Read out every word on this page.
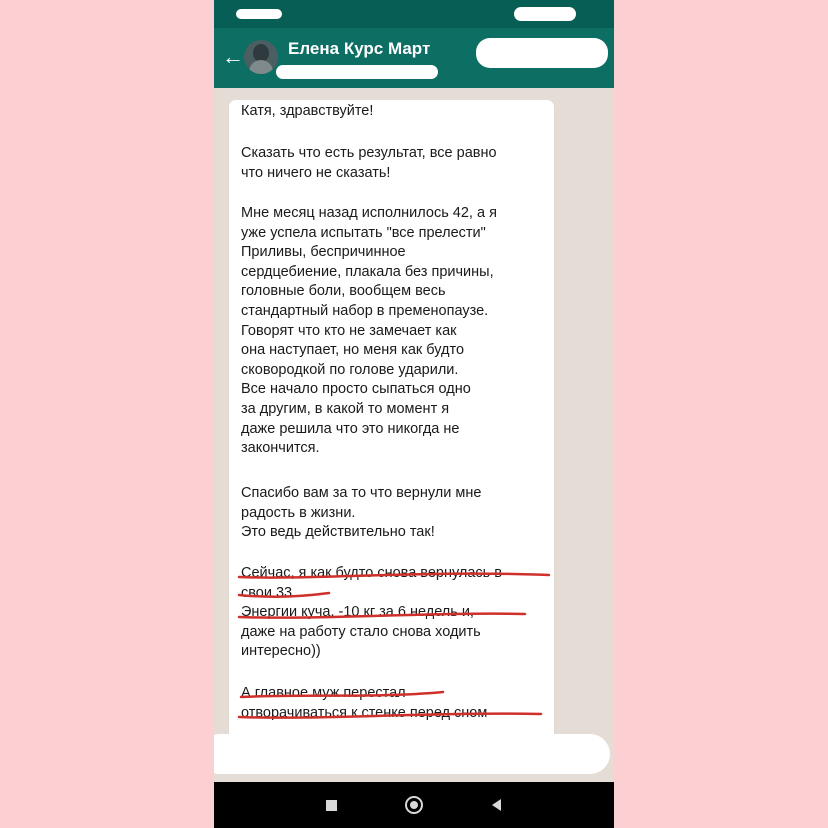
←	Елена Курс Март

Катя, здравствуйте!

Сказать что есть результат, все равно
что ничего не сказать!

Мне месяц назад исполнилось 42, а я
уже успела испытать "все прелести"
Приливы, беспричинное
сердцебиение, плакала без причины,
головные боли, вообщем весь
стандартный набор в пременопаузе.
Говорят что кто не замечает как
она наступает, но меня как будто
сковородкой по голове ударили.
Все начало просто сыпаться одно
за другим, в какой то момент я
даже решила что это никогда не
закончится.

Спасибо вам за то что вернули мне
радость в жизни.
Это ведь действительно так!

Сейчас, я как будто снова вернулась в
свои 33
Энергии куча, -10 кг за 6 недель и,
даже на работу стало снова ходить
интересно))

А главное муж перестал
отворачиваться к стенке перед сном
